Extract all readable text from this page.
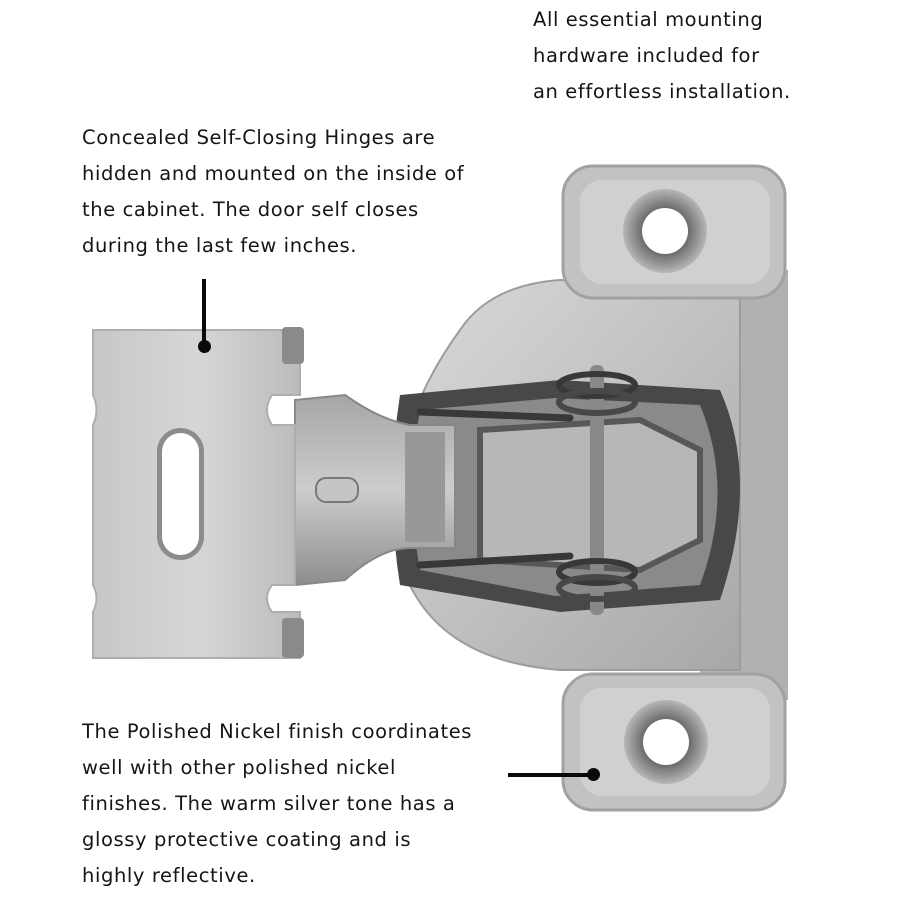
All essential mounting
hardware included for
an effortless installation.
Concealed Self-Closing Hinges are
hidden and mounted on the inside of
the cabinet. The door self closes
during the last few inches.
The Polished Nickel finish coordinates
well with other polished nickel
finishes. The warm silver tone has a
glossy protective coating and is
highly reflective.
